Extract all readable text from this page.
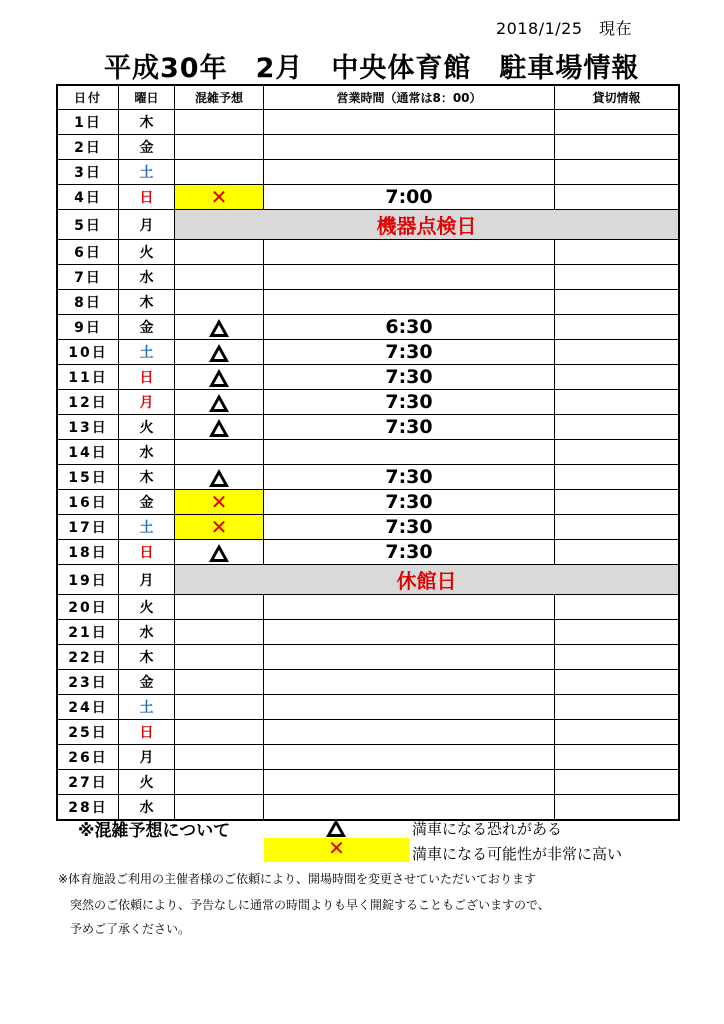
2018/1/25　現在
平成30年　2月　中央体育館　駐車場情報
日付	曜日	混雑予想	営業時間（通常は8：00）	貸切情報
1日	木			
2日	金			
3日	土			
4日	日	✕	7:00	
5日	月	機器点検日		
6日	火			
7日	水			
8日	木			
9日	金		6:30	
10日	土		7:30	
11日	日		7:30	
12日	月		7:30	
13日	火		7:30	
14日	水			
15日	木		7:30	
16日	金	✕	7:30	
17日	土	✕	7:30	
18日	日		7:30	
19日	月	休館日		
20日	火			
21日	水			
22日	木			
23日	金			
24日	土			
25日	日			
26日	月			
27日	火			
28日	水			
※混雑予想について	満車になる恐れがある
✕	満車になる可能性が非常に高い
※体育施設ご利用の主催者様のご依頼により、開場時間を変更させていただいております
　突然のご依頼により、予告なしに通常の時間よりも早く開錠することもございますので、
　予めご了承ください。
